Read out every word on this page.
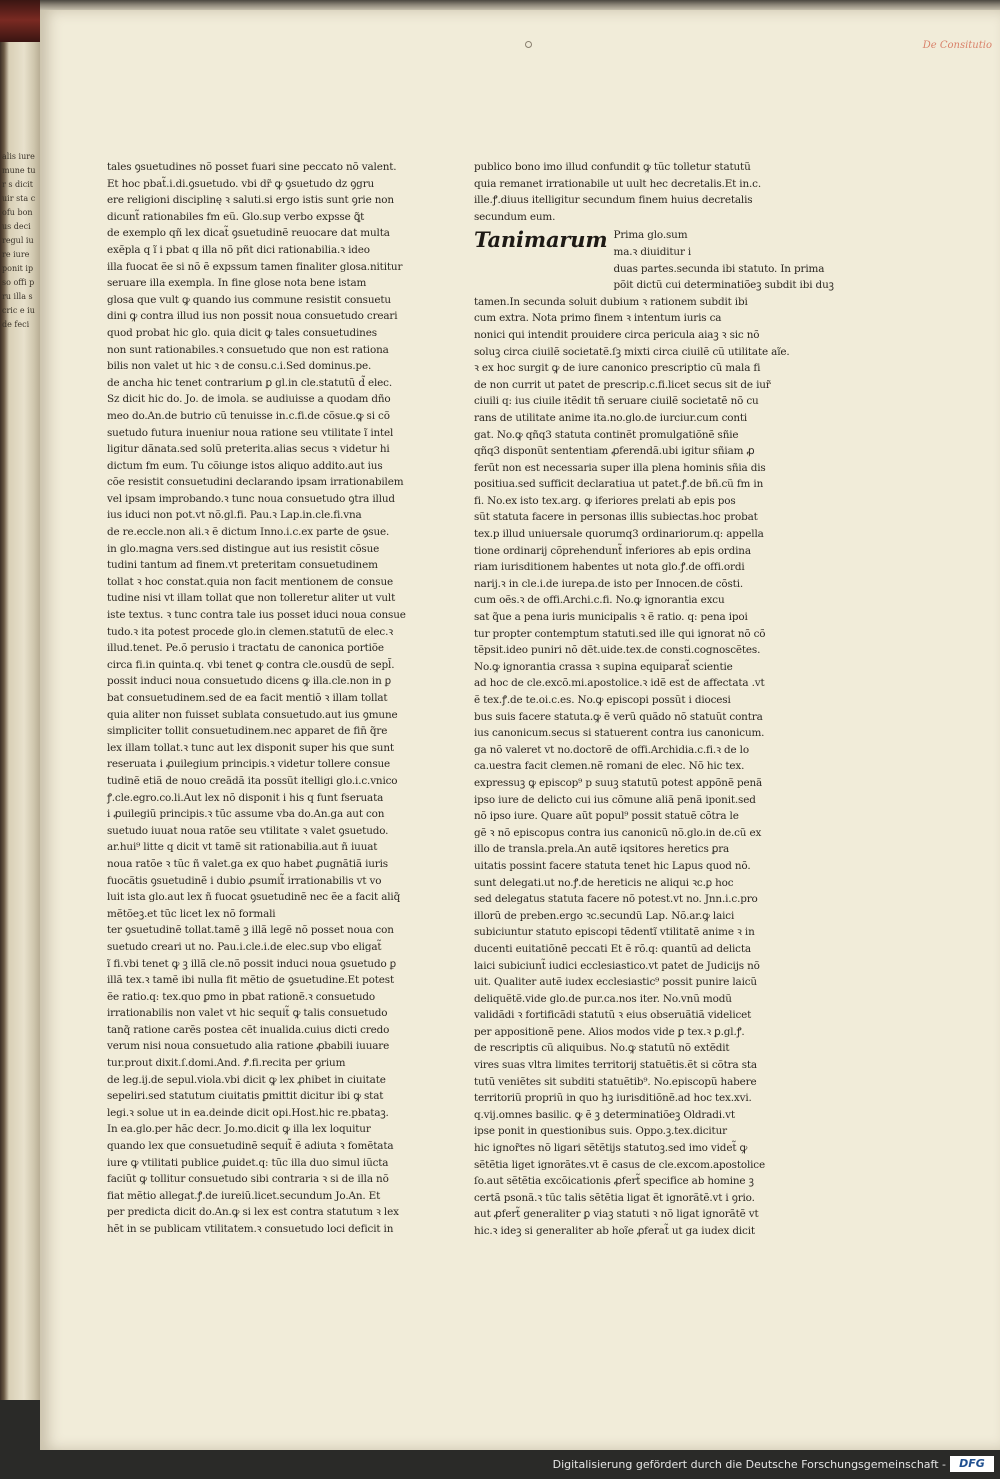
alis iure mune tur s dicit uir sta cofu bonus deci regul iure iure ponit ipso offi pru illa scric e iude feci
De Consitutio
tales ꝯsuetudines nõ posset fuari sine peccato nõ valent.
Et hoc pbat̃.i.di.ꝯsuetudo. vbi dr̃ ꝙ ꝯsuetudo dz ꝯgru
ere religioni disciplinę ꝛ saluti.si ergo istis sunt ꝯrie non
dicunt̃ rationabiles fm eũ. Glo.sup verbo expsse ꝗ̃t
de exemplo qñ lex dicat̃ ꝯsuetudinẽ reuocare dat multa
exẽpla q ĩ i pbat q illa nõ pñt dici rationabilia.ꝛ ideo
illa fuocat ẽe si nõ ẽ expssum tamen finaliter glosa.nititur
seruare illa exempla. In fine glose nota bene istam
glosa que vult ꝙ quando ius commune resistit consuetu
dini ꝙ contra illud ius non possit noua consuetudo creari
quod probat hic glo. quia dicit ꝙ tales consuetudines
non sunt rationabiles.ꝛ consuetudo que non est rationa
bilis non valet ut hic ꝛ de consu.c.i.Sed dominus.pe.
de ancha hic tenet contrarium ꝑ gl.in cle.statutũ d̃ elec.
Sz dicit hic do. Jo. de imola. se audiuisse a quodam dño
meo do.An.de butrio cũ tenuisse in.c.fi.de cõsue.ꝙ si cõ
suetudo futura inueniur noua ratione seu vtilitate ĩ intel
ligitur dãnata.sed solũ preterita.alias secus ꝛ videtur hi
dictum fm eum. Tu cõiunge istos aliquo addito.aut ius
cõe resistit consuetudini declarando ipsam irrationabilem
vel ipsam improbando.ꝛ tunc noua consuetudo ꝯtra illud
ius iduci non pot.vt nõ.gl.fi. Pau.ꝛ Lap.in.cle.fi.vna
de re.eccle.non ali.ꝛ ẽ dictum Inno.i.c.ex parte de ꝯsue.
in glo.magna vers.sed distingue aut ius resistit cõsue
tudini tantum ad finem.vt preteritam consuetudinem
tollat ꝛ hoc constat.quia non facit mentionem de consue
tudine nisi vt illam tollat que non tolleretur aliter ut vult
iste textus. ꝛ tunc contra tale ius posset iduci noua consue
tudo.ꝛ ita potest procede glo.in clemen.statutũ de elec.ꝛ
illud.tenet. Pe.õ perusio i tractatu de canonica portiõe
circa fi.in quinta.q. vbi tenet ꝙ contra cle.ousdũ de sepl̃.
possit induci noua consuetudo dicens ꝙ illa.cle.non in ꝑ
bat consuetudinem.sed de ea facit mentiõ ꝛ illam tollat
quia aliter non fuisset sublata consuetudo.aut ius ꝯmune
simpliciter tollit consuetudinem.nec apparet de fin̄ q̃re
lex illam tollat.ꝛ tunc aut lex disponit super his que sunt
reseruata i ꝓuilegium principis.ꝛ videtur tollere consue
tudinẽ etiã de nouo creãdã ita possũt itelligi glo.i.c.vnico
ꝭ.cle.egro.co.li.Aut lex nõ disponit i his q funt fseruata
i ꝓuilegiũ principis.ꝛ tũc assume vba do.An.ga aut con
suetudo iuuat noua ratõe seu vtilitate ꝛ valet ꝯsuetudo.
ar.hui⁹ litte q dicit vt tamẽ sit rationabilia.aut ñ iuuat
noua ratõe ꝛ tũc ñ valet.ga ex quo habet ꝓugnãtiã iuris
fuocãtis ꝯsuetudinẽ i dubio ꝓsumit̃ irrationabilis vt vo
luit ista glo.aut lex ñ fuocat ꝯsuetudinẽ nec ẽe a facit aliq̃
mẽtõeꝫ.et tũc licet lex nõ formali
ter ꝯsuetudinẽ tollat.tamẽ ꝫ illã legẽ nõ posset noua con
suetudo creari ut no. Pau.i.cle.i.de elec.sup vbo eligat̃
ĩ fi.vbi tenet ꝙ ꝫ illã cle.nõ possit induci noua ꝯsuetudo ꝑ
illã tex.ꝛ tamẽ ibi nulla fit mẽtio de ꝯsuetudine.Et potest
ẽe ratio.q: tex.quo ꝑmo in pbat rationẽ.ꝛ consuetudo
irrationabilis non valet vt hic sequit̃ ꝙ talis consuetudo
tanq̃ ratione carẽs postea cẽt inualida.cuius dicti credo
verum nisi noua consuetudo alia ratione ꝓbabili iuuare
tur.prout dixit.ſ.domi.And. Ꝭ.fi.recita per ꝯrium
de leg.ij.de sepul.viola.vbi dicit ꝙ lex ꝓhibet in ciuitate
sepeliri.sed statutum ciuitatis ꝑmittit dicitur ibi ꝙ stat
legi.ꝛ solue ut in ea.deinde dicit opi.Host.hic re.pbataꝫ.
In ea.glo.per hãc decr. Jo.mo.dicit ꝙ illa lex loquitur
quando lex que consuetudinẽ sequit̃ ẽ adiuta ꝛ fomẽtata
iure ꝙ vtilitati publice ꝓuidet.q: tũc illa duo simul iũcta
faciũt ꝙ tollitur consuetudo sibi contraria ꝛ si de illa nõ
fiat mẽtio allegat.ꝭ.de iureiũ.licet.secundum Jo.An. Et
per predicta dicit do.An.ꝙ si lex est contra statutum ꝛ lex
hẽt in se publicam vtilitatem.ꝛ consuetudo loci deficit in
publico bono imo illud confundit ꝙ tũc tolletur statutũ
quia remanet irrationabile ut uult hec decretalis.Et in.c.
ille.ꝭ.diuus itelligitur secundum finem huius decretalis
secundum eum.
Tanimarum Prima glo.sum
ma.ꝛ diuiditur i
duas partes.secunda ibi statuto. In prima
põit dictũ cui determinatiõeꝫ subdit ibi duꝫ
tamen.In secunda soluit dubium ꝛ rationem subdit ibi
cum extra. Nota primo finem ꝛ intentum iuris ca
nonici qui intendit prouidere circa pericula aiaꝫ ꝛ sic nõ
soluꝫ circa ciuilẽ societatẽ.ſꝫ mixti circa ciuilẽ cũ utilitate aĩe.
ꝛ ex hoc surgit ꝙ de iure canonico prescriptio cũ mala fi
de non currit ut patet de prescrip.c.fi.licet secus sit de iur̃
ciuili q: ius ciuile itẽdit tñ seruare ciuilẽ societatẽ nõ cu
rans de utilitate anime ita.no.glo.de iurciur.cum conti
gat. No.ꝙ qñq3 statuta continẽt promulgatiõnẽ sñie
qñq3 disponũt sententiam ꝓferendã.ubi igitur sñiam ꝓ
ferũt non est necessaria super illa plena hominis sñia dis
positiua.sed sufficit declaratiua ut patet.ꝭ.de bñ.cũ fm in
fi. No.ex isto tex.arg. ꝙ iferiores prelati ab epis pos
sũt statuta facere in personas illis subiectas.hoc probat
tex.p illud uniuersale quorumq3 ordinariorum.q: appella
tione ordinarij cõprehendunt̃ inferiores ab epis ordina
riam iurisditionem habentes ut nota glo.ꝭ.de offi.ordi
narij.ꝛ in cle.i.de iurepa.de isto per Innocen.de cõsti.
cum oẽs.ꝛ de offi.Archi.c.fi. No.ꝙ ignorantia excu
sat q̃ue a pena iuris municipalis ꝛ ẽ ratio. q: pena ipoi
tur propter contemptum statuti.sed ille qui ignorat nõ cõ
tẽpsit.ideo puniri nõ dẽt.uide.tex.de consti.cognoscẽtes.
No.ꝙ ignorantia crassa ꝛ supina equiparat̃ scientie
ad hoc de cle.excõ.mi.apostolice.ꝛ idẽ est de affectata .vt
ẽ tex.ꝭ.de te.oi.c.es. No.ꝙ episcopi possũt i diocesi
bus suis facere statuta.ꝙ ẽ verũ quãdo nõ statuũt contra
ius canonicum.secus si statuerent contra ius canonicum.
ga nõ valeret vt no.doctorẽ de offi.Archidia.c.fi.ꝛ de lo
ca.uestra facit clemen.nẽ romani de elec. Nõ hic tex.
expressuꝫ ꝙ episcop⁹ p suuꝫ statutũ potest appõnẽ penã
ipso iure de delicto cui ius cõmune aliã penã iponit.sed
nõ ipso iure. Quare aũt popul⁹ possit statuẽ cõtra le
gẽ ꝛ nõ episcopus contra ius canonicũ nõ.glo.in de.cũ ex
illo de transla.prela.An autẽ iqsitores heretics ꝑra
uitatis possint facere statuta tenet hic Lapus quod nõ.
sunt delegati.ut no.ꝭ.de hereticis ne aliqui ꝛc.ꝑ hoc
sed delegatus statuta facere nõ potest.vt no. Jnn.i.c.pro
illorũ de preben.ergo ꝛc.secundũ Lap. Nõ.ar.ꝙ laici
subiciuntur statuto episcopi tẽdentĩ vtilitatẽ anime ꝛ in
ducenti euitatiõnẽ peccati Et ẽ rõ.q: quantũ ad delicta
laici subiciunt̃ iudici ecclesiastico.vt patet de Judicijs nõ
uit. Qualiter autẽ iudex ecclesiastic⁹ possit punire laicũ
deliquẽtẽ.vide glo.de pur.ca.nos iter. No.vnũ modũ
validãdi ꝛ fortificãdi statutũ ꝛ eius obseruãtiã videlicet
per appositionẽ pene. Alios modos vide ꝑ tex.ꝛ ꝑ.gl.ꝭ.
de rescriptis cũ aliquibus. No.ꝙ statutũ nõ extẽdit
vires suas vltra limites territorij statuẽtis.ẽt si cõtra sta
tutũ veniẽtes sit subditi statuẽtib⁹. No.episcopũ habere
territoriũ propriũ in quo hꝫ iurisditiõnẽ.ad hoc tex.xvi.
q.vij.omnes basilic. ꝙ ẽ ꝫ determinatiõeꝫ Oldradi.vt
ipse ponit in questionibus suis. Oppo.ꝫ.tex.dicitur
hic ignor̃tes nõ ligari sẽtẽtijs statutoꝫ.sed imo videt̃ ꝙ
sẽtẽtia liget ignorãtes.vt ẽ casus de cle.excom.apostolice
ſo.aut sẽtẽtia excõicationis ꝓfert̃ specifice ab homine ꝫ
certã psonã.ꝛ tũc talis sẽtẽtia ligat ẽt ignorãtẽ.vt i ꝯrio.
aut ꝓfert̃ generaliter ꝑ viaꝫ statuti ꝛ nõ ligat ignorãtẽ vt
hic.ꝛ ideꝫ si generaliter ab hoĩe ꝓferat̃ ut ga iudex dicit
Digitalisierung gefördert durch die Deutsche Forschungsgemeinschaft -	DFG
